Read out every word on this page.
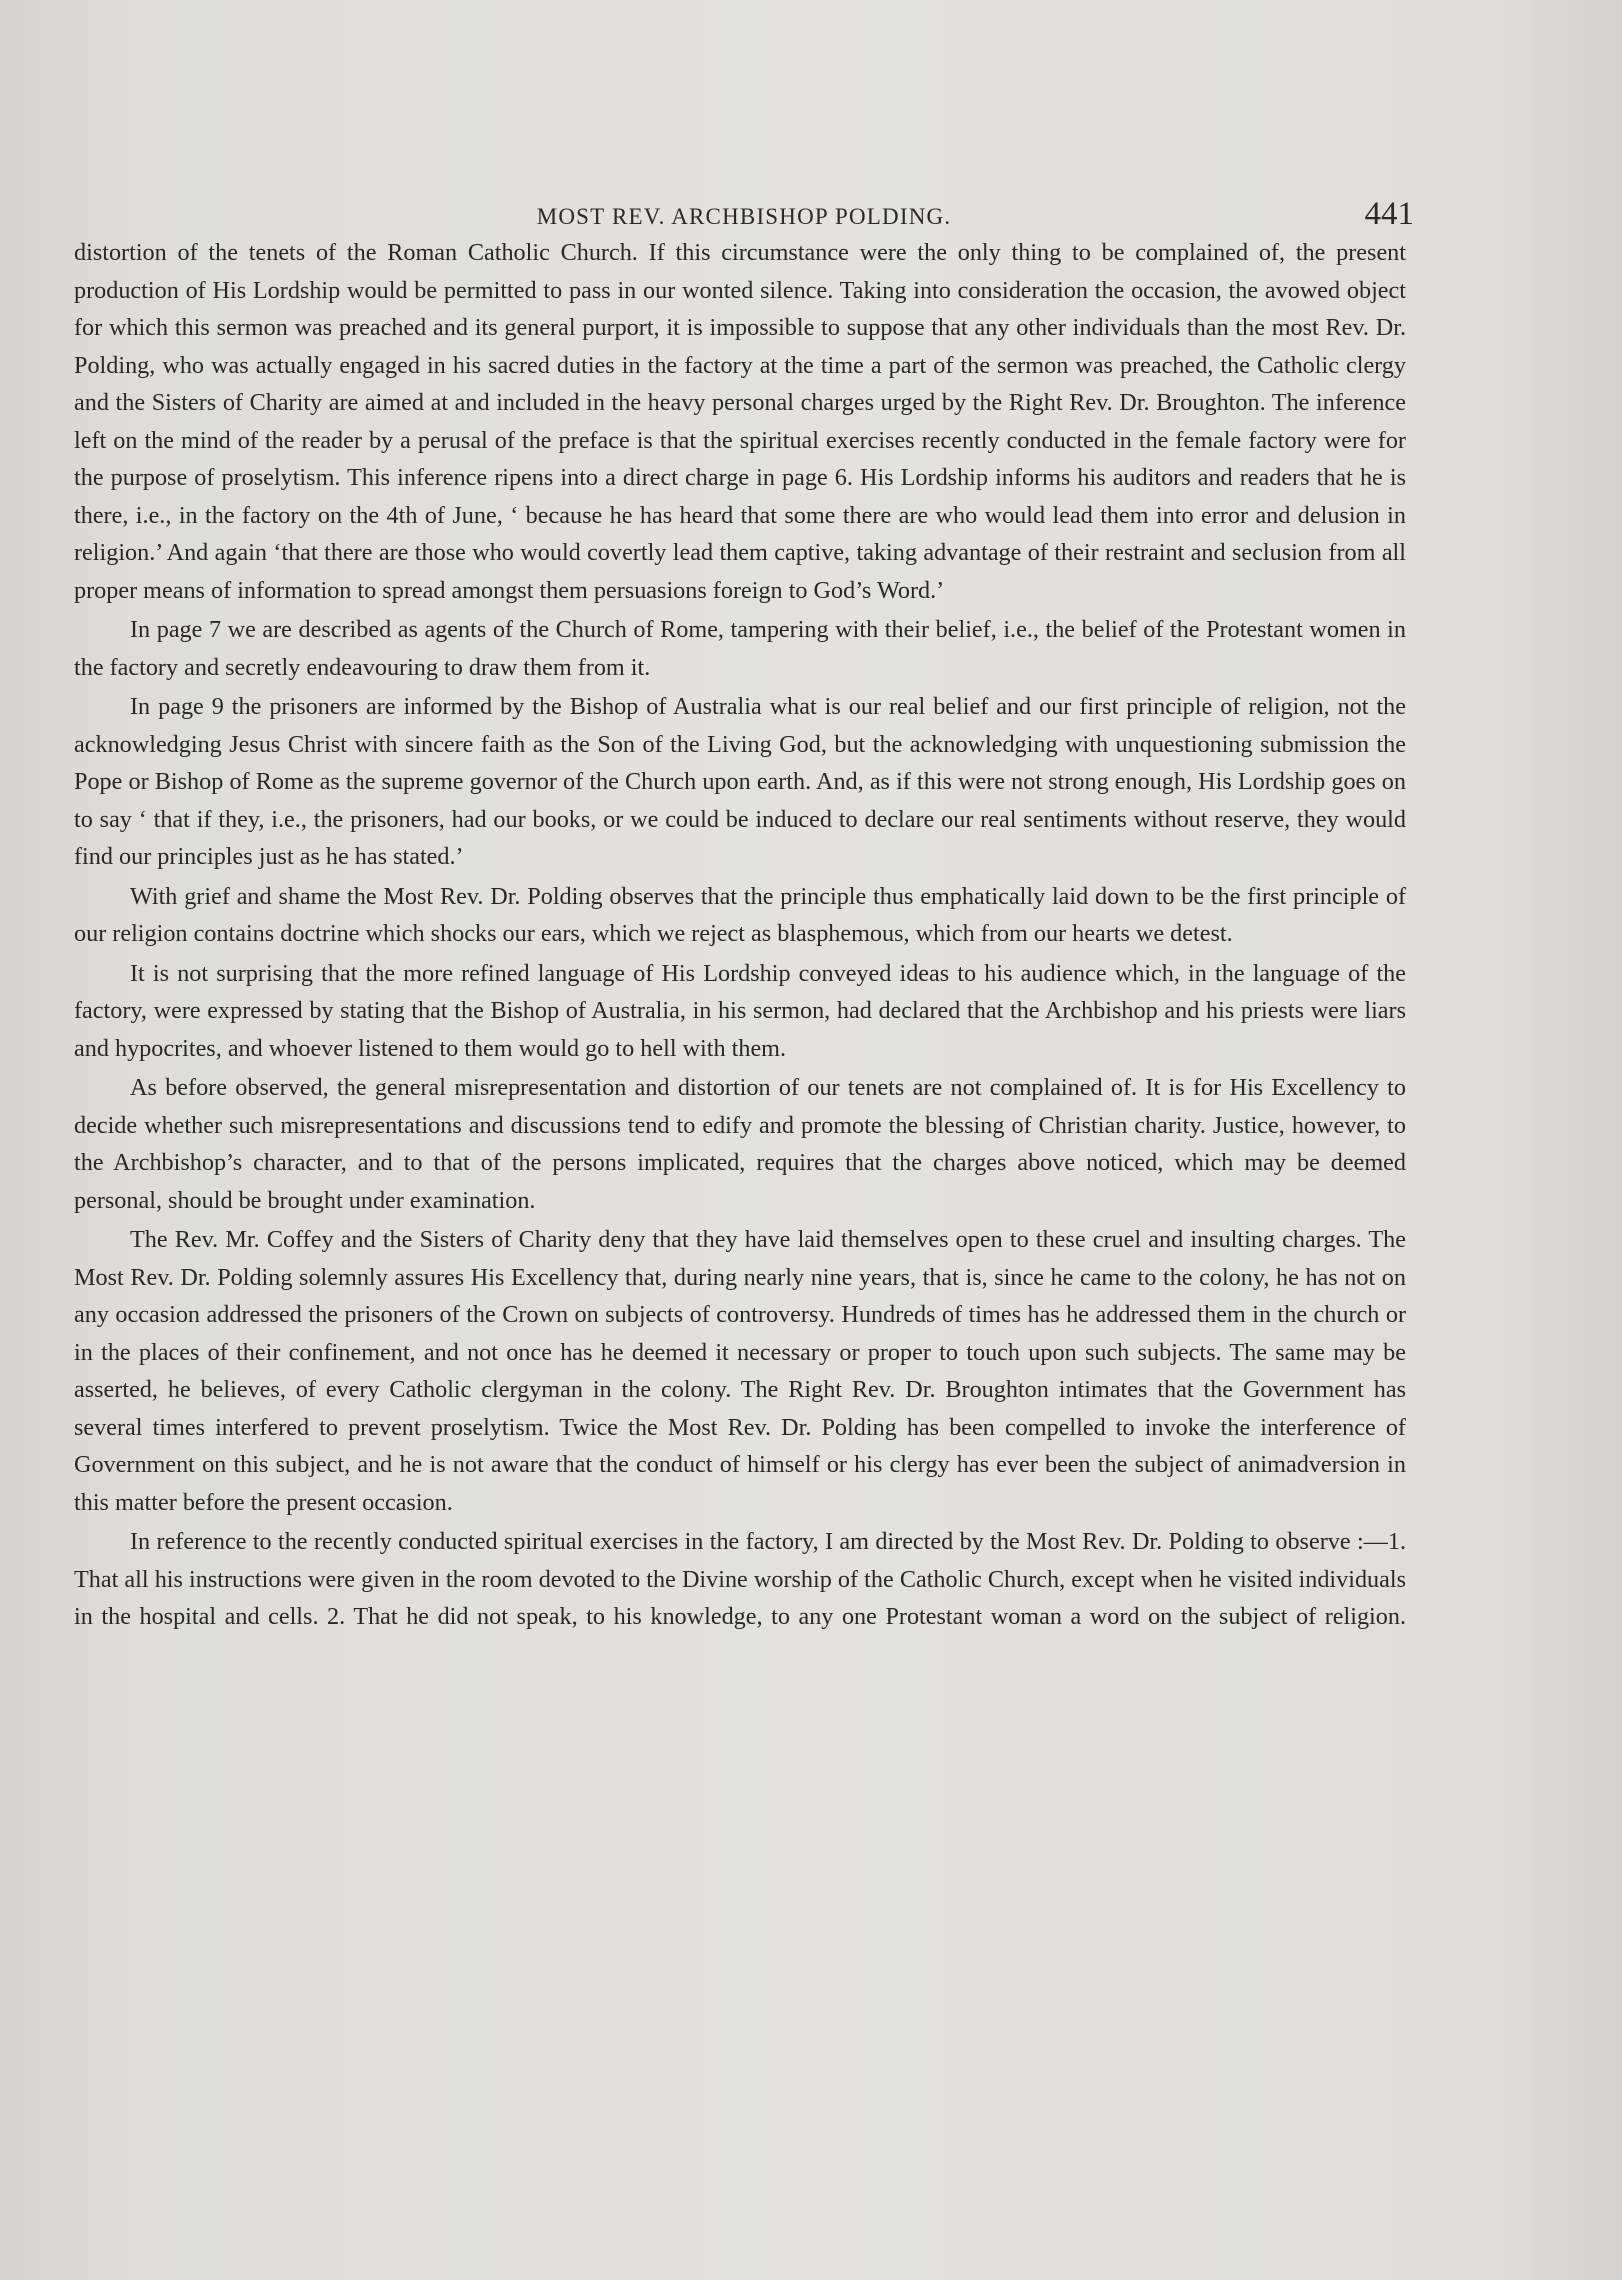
MOST REV. ARCHBISHOP POLDING.	441

distortion of the tenets of the Roman Catholic Church. If this circumstance were the only thing to be complained of, the present production of His Lordship would be permitted to pass in our wonted silence. Taking into consideration the occasion, the avowed object for which this sermon was preached and its general purport, it is impossible to suppose that any other individuals than the most Rev. Dr. Polding, who was actually engaged in his sacred duties in the factory at the time a part of the sermon was preached, the Catholic clergy and the Sisters of Charity are aimed at and included in the heavy personal charges urged by the Right Rev. Dr. Broughton. The inference left on the mind of the reader by a perusal of the preface is that the spiritual exercises recently conducted in the female factory were for the purpose of proselytism. This inference ripens into a direct charge in page 6. His Lordship informs his auditors and readers that he is there, i.e., in the factory on the 4th of June, ‘ because he has heard that some there are who would lead them into error and delusion in religion.’ And again ‘that there are those who would covertly lead them captive, taking advantage of their restraint and seclusion from all proper means of information to spread amongst them persuasions foreign to God’s Word.’

In page 7 we are described as agents of the Church of Rome, tampering with their belief, i.e., the belief of the Protestant women in the factory and secretly endeavouring to draw them from it.

In page 9 the prisoners are informed by the Bishop of Australia what is our real belief and our first principle of religion, not the acknowledging Jesus Christ with sincere faith as the Son of the Living God, but the acknowledging with unquestioning submission the Pope or Bishop of Rome as the supreme governor of the Church upon earth. And, as if this were not strong enough, His Lordship goes on to say ‘ that if they, i.e., the prisoners, had our books, or we could be induced to declare our real sentiments without reserve, they would find our principles just as he has stated.’

With grief and shame the Most Rev. Dr. Polding observes that the principle thus emphatically laid down to be the first principle of our religion contains doctrine which shocks our ears, which we reject as blasphemous, which from our hearts we detest.

It is not surprising that the more refined language of His Lordship conveyed ideas to his audience which, in the language of the factory, were expressed by stating that the Bishop of Australia, in his sermon, had declared that the Archbishop and his priests were liars and hypocrites, and whoever listened to them would go to hell with them.

As before observed, the general misrepresentation and distortion of our tenets are not complained of. It is for His Excellency to decide whether such misrepresentations and discussions tend to edify and promote the blessing of Christian charity. Justice, however, to the Archbishop’s character, and to that of the persons implicated, requires that the charges above noticed, which may be deemed personal, should be brought under examination.

The Rev. Mr. Coffey and the Sisters of Charity deny that they have laid themselves open to these cruel and insulting charges. The Most Rev. Dr. Polding solemnly assures His Excellency that, during nearly nine years, that is, since he came to the colony, he has not on any occasion addressed the prisoners of the Crown on subjects of controversy. Hundreds of times has he addressed them in the church or in the places of their confinement, and not once has he deemed it necessary or proper to touch upon such subjects. The same may be asserted, he believes, of every Catholic clergyman in the colony. The Right Rev. Dr. Broughton intimates that the Government has several times interfered to prevent proselytism. Twice the Most Rev. Dr. Polding has been compelled to invoke the interference of Government on this subject, and he is not aware that the conduct of himself or his clergy has ever been the subject of animadversion in this matter before the present occasion.

In reference to the recently conducted spiritual exercises in the factory, I am directed by the Most Rev. Dr. Polding to observe :—1. That all his instructions were given in the room devoted to the Divine worship of the Catholic Church, except when he visited individuals in the hospital and cells. 2. That he did not speak, to his knowledge, to any one Protestant woman a word on the subject of religion.
